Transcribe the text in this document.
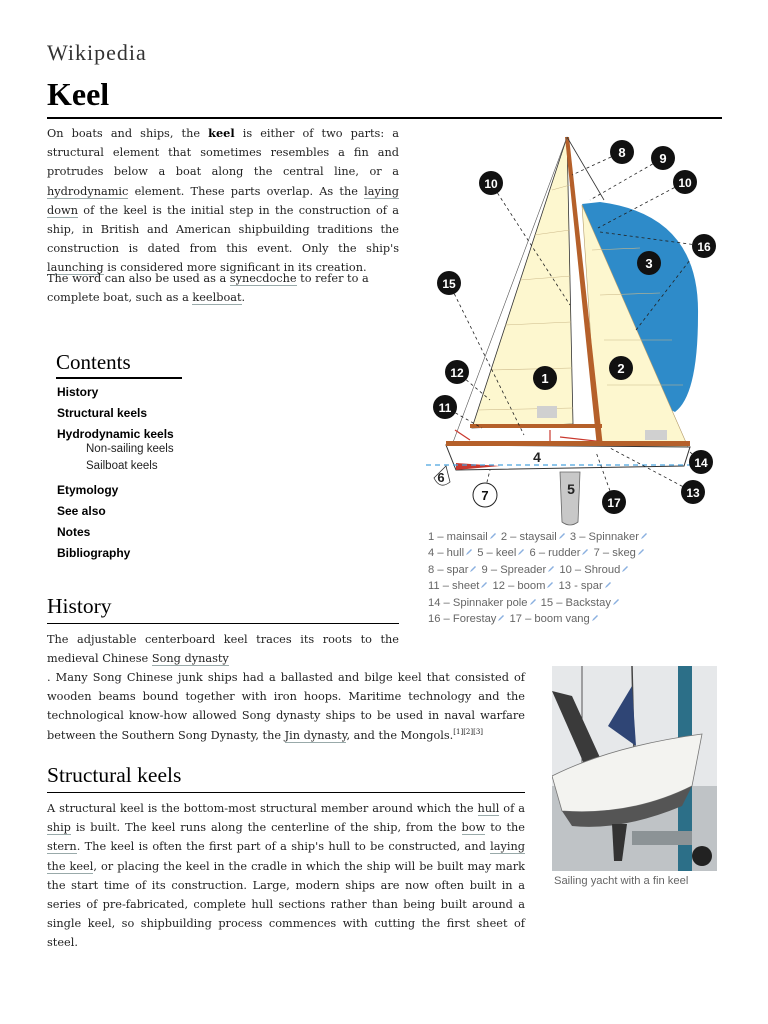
Wikipedia
Keel
On boats and ships, the keel is either of two parts: a structural element that sometimes resembles a fin and protrudes below a boat along the central line, or a hydrodynamic element. These parts overlap. As the laying down of the keel is the initial step in the construction of a ship, in British and American shipbuilding traditions the construction is dated from this event. Only the ship's launching is considered more significant in its creation.
The word can also be used as a synecdoche to refer to a complete boat, such as a keelboat.
Contents
History
Structural keels
Hydrodynamic keels
Non-sailing keels
Sailboat keels
Etymology
See also
Notes
Bibliography
1
2
3
4
5
6
7
8	9
10	10
11
12
13
14
15
16
17
1 – mainsail 2 – staysail 3 – Spinnaker
4 – hull 5 – keel 6 – rudder 7 – skeg
8 – spar 9 – Spreader 10 – Shroud
11 – sheet 12 – boom 13 - spar
14 – Spinnaker pole 15 – Backstay
16 – Forestay 17 – boom vang
History
The adjustable centerboard keel traces its roots to the medieval Chinese Song dynasty
. Many Song Chinese junk ships had a ballasted and bilge keel that consisted of wooden beams bound together with iron hoops. Maritime technology and the technological know-how allowed Song dynasty ships to be used in naval warfare between the Southern Song Dynasty, the Jin dynasty, and the Mongols.[1][2][3]
Sailing yacht with a fin keel
Structural keels
A structural keel is the bottom-most structural member around which the hull of a ship is built. The keel runs along the centerline of the ship, from the bow to the stern. The keel is often the first part of a ship's hull to be constructed, and laying the keel, or placing the keel in the cradle in which the ship will be built may mark the start time of its construction. Large, modern ships are now often built in a series of pre-fabricated, complete hull sections rather than being built around a single keel, so shipbuilding process commences with cutting the first sheet of steel.
